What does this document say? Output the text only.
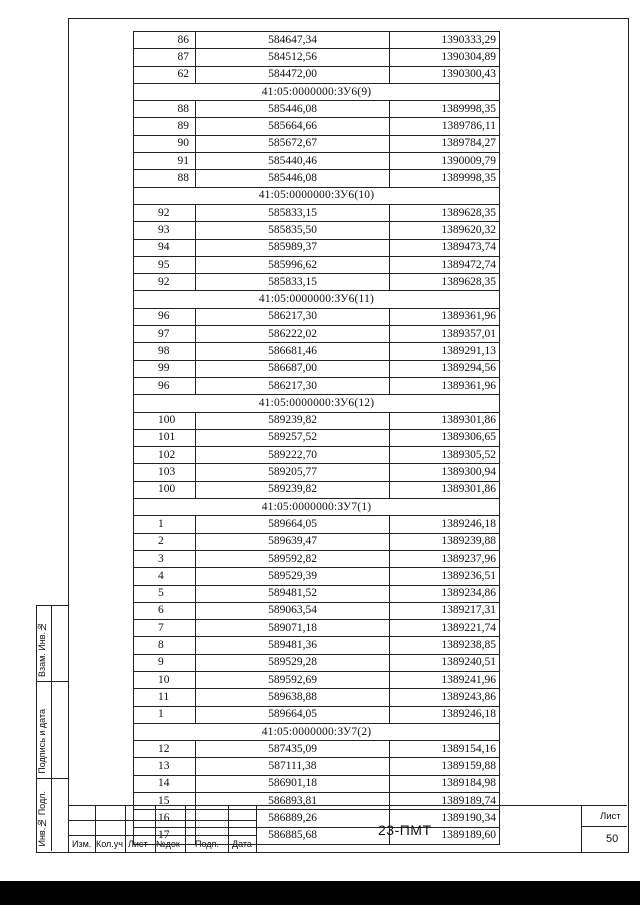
Взам. Инв.№
Подпись и дата
Инв.№ Подл.
86	584647,34	1390333,29
87	584512,56	1390304,89
62	584472,00	1390300,43
41:05:0000000:ЗУ6(9)		
88	585446,08	1389998,35
89	585664,66	1389786,11
90	585672,67	1389784,27
91	585440,46	1390009,79
88	585446,08	1389998,35
41:05:0000000:ЗУ6(10)		
92	585833,15	1389628,35
93	585835,50	1389620,32
94	585989,37	1389473,74
95	585996,62	1389472,74
92	585833,15	1389628,35
41:05:0000000:ЗУ6(11)		
96	586217,30	1389361,96
97	586222,02	1389357,01
98	586681,46	1389291,13
99	586687,00	1389294,56
96	586217,30	1389361,96
41:05:0000000:ЗУ6(12)		
100	589239,82	1389301,86
101	589257,52	1389306,65
102	589222,70	1389305,52
103	589205,77	1389300,94
100	589239,82	1389301,86
41:05:0000000:ЗУ7(1)		
1	589664,05	1389246,18
2	589639,47	1389239,88
3	589592,82	1389237,96
4	589529,39	1389236,51
5	589481,52	1389234,86
6	589063,54	1389217,31
7	589071,18	1389221,74
8	589481,36	1389238,85
9	589529,28	1389240,51
10	589592,69	1389241,96
11	589638,88	1389243,86
1	589664,05	1389246,18
41:05:0000000:ЗУ7(2)		
12	587435,09	1389154,16
13	587111,38	1389159,88
14	586901,18	1389184,98
15	586893,81	1389189,74
16	586889,26	1389190,34
17	586885,68	1389189,60
Изм. Кол.уч Лист №док Подп. Дата
23-ПМТ
Лист
50
